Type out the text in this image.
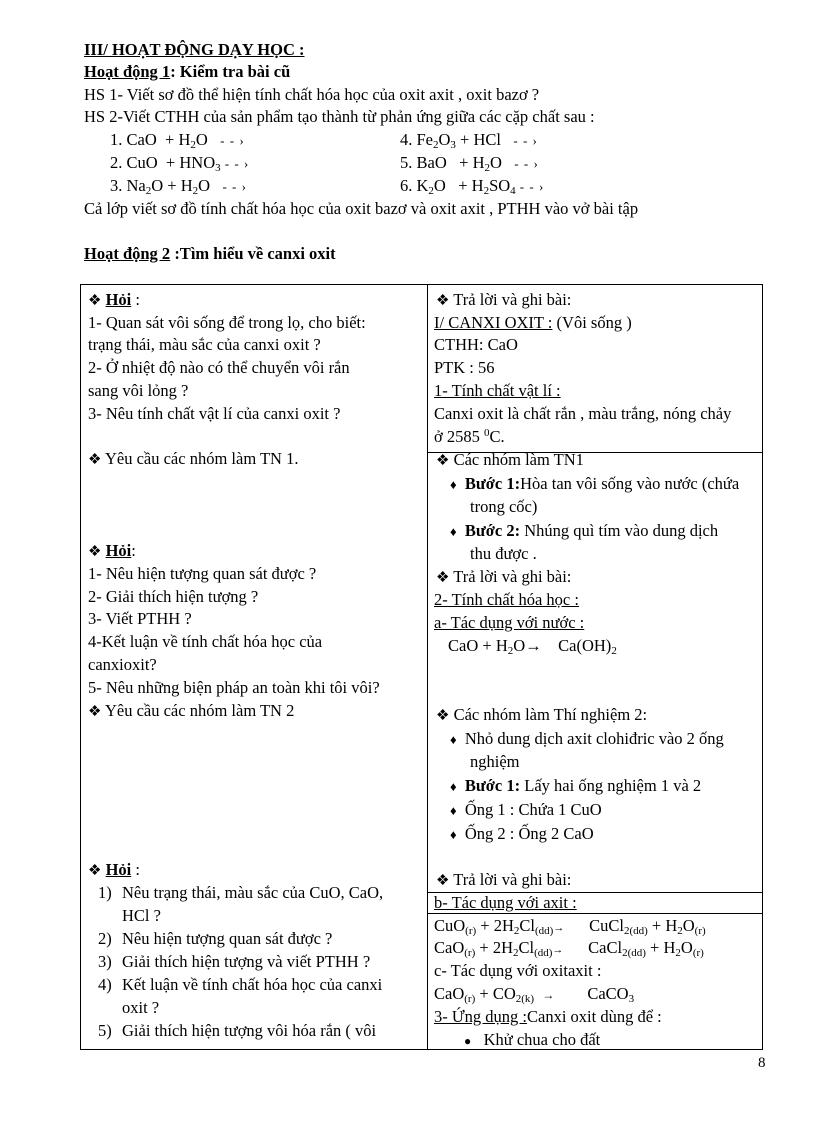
III/ HOẠT ĐỘNG DẠY HỌC :
Hoạt động 1: Kiểm tra bài cũ
HS 1- Viết sơ đồ thể hiện tính chất hóa học của oxit axit , oxit bazơ ?
HS 2-Viết CTHH của sản phẩm tạo thành từ phản ứng giữa các cặp chất sau :
1. CaO + $H_2O$ - - ›
2. CuO + $HNO_3$ - - ›
3. $Na_2O + H_2O$ - - ›
4. $Fe_2O_3$ + HCl - - ›
5. BaO + $H_2O$ - - ›
6. $K_2O + H_2SO_4$ - - ›
Cả lớp viết sơ đồ tính chất hóa học của oxit bazơ và oxit axit , PTHH vào vở bài tập
Hoạt động 2 :Tìm hiểu về canxi oxit
❖ Hỏi :
1- Quan sát vôi sống để trong lọ, cho biết:
trạng thái, màu sắc của canxi oxit ?
2- Ở nhiệt độ nào có thể chuyển vôi rắn
sang vôi lỏng ?
3- Nêu tính chất vật lí của canxi oxit ?
❖ Yêu cầu các nhóm làm TN 1.
❖ Hỏi:
1- Nêu hiện tượng quan sát được ?
2- Giải thích hiện tượng ?
3- Viết PTHH ?
4-Kết luận về tính chất hóa học của
canxioxit?
5- Nêu những biện pháp an toàn khi tôi vôi?
❖ Yêu cầu các nhóm làm TN 2
❖ Hỏi :
1) Nêu trạng thái, màu sắc của CuO, CaO,
HCl ?
2) Nêu hiện tượng quan sát được ?
3) Giải thích hiện tượng và viết PTHH ?
4) Kết luận về tính chất hóa học của canxi
oxit ?
5) Giải thích hiện tượng vôi hóa rắn ( vôi
❖ Trả lời và ghi bài:
I/ CANXI OXIT : (Vôi sống )
CTHH: CaO
PTK : 56
1- Tính chất vật lí :
Canxi oxit là chất rắn , màu trắng, nóng chảy
ở 2585 $^0$C.
❖ Các nhóm làm TN1
♦ Bước 1:Hòa tan vôi sống vào nước (chứa
trong cốc)
♦ Bước 2: Nhúng quì tím vào dung dịch
thu được .
❖ Trả lời và ghi bài:
2- Tính chất hóa học :
a- Tác dụng với nước :
CaO + $H_2O\to Ca(OH)_2$
❖ Các nhóm làm Thí nghiệm 2:
♦ Nhỏ dung dịch axit clohiđric vào 2 ống
nghiệm
♦ Bước 1: Lấy hai ống nghiệm 1 và 2
♦ Ống 1 : Chứa 1 CuO
♦ Ống 2 : Ống 2 CaO
❖ Trả lời và ghi bài:
b- Tác dụng với axit :
$CuO_{(r)} + 2H_2Cl_{(dd)}\to$ CuCl$_{2(dd)}$ + $H_2O_{(r)}$
$CaO_{(r)} + 2H_2Cl_{(dd)}\to$ CaCl$_{2(dd)}$ + $H_2O_{(r)}$
c- Tác dụng với oxitaxit :
$CaO_{(r)} + CO_{2(k)}$ → CaCO$_3$
3- Ứng dụng :Canxi oxit dùng để :
● Khử chua cho đất
8
